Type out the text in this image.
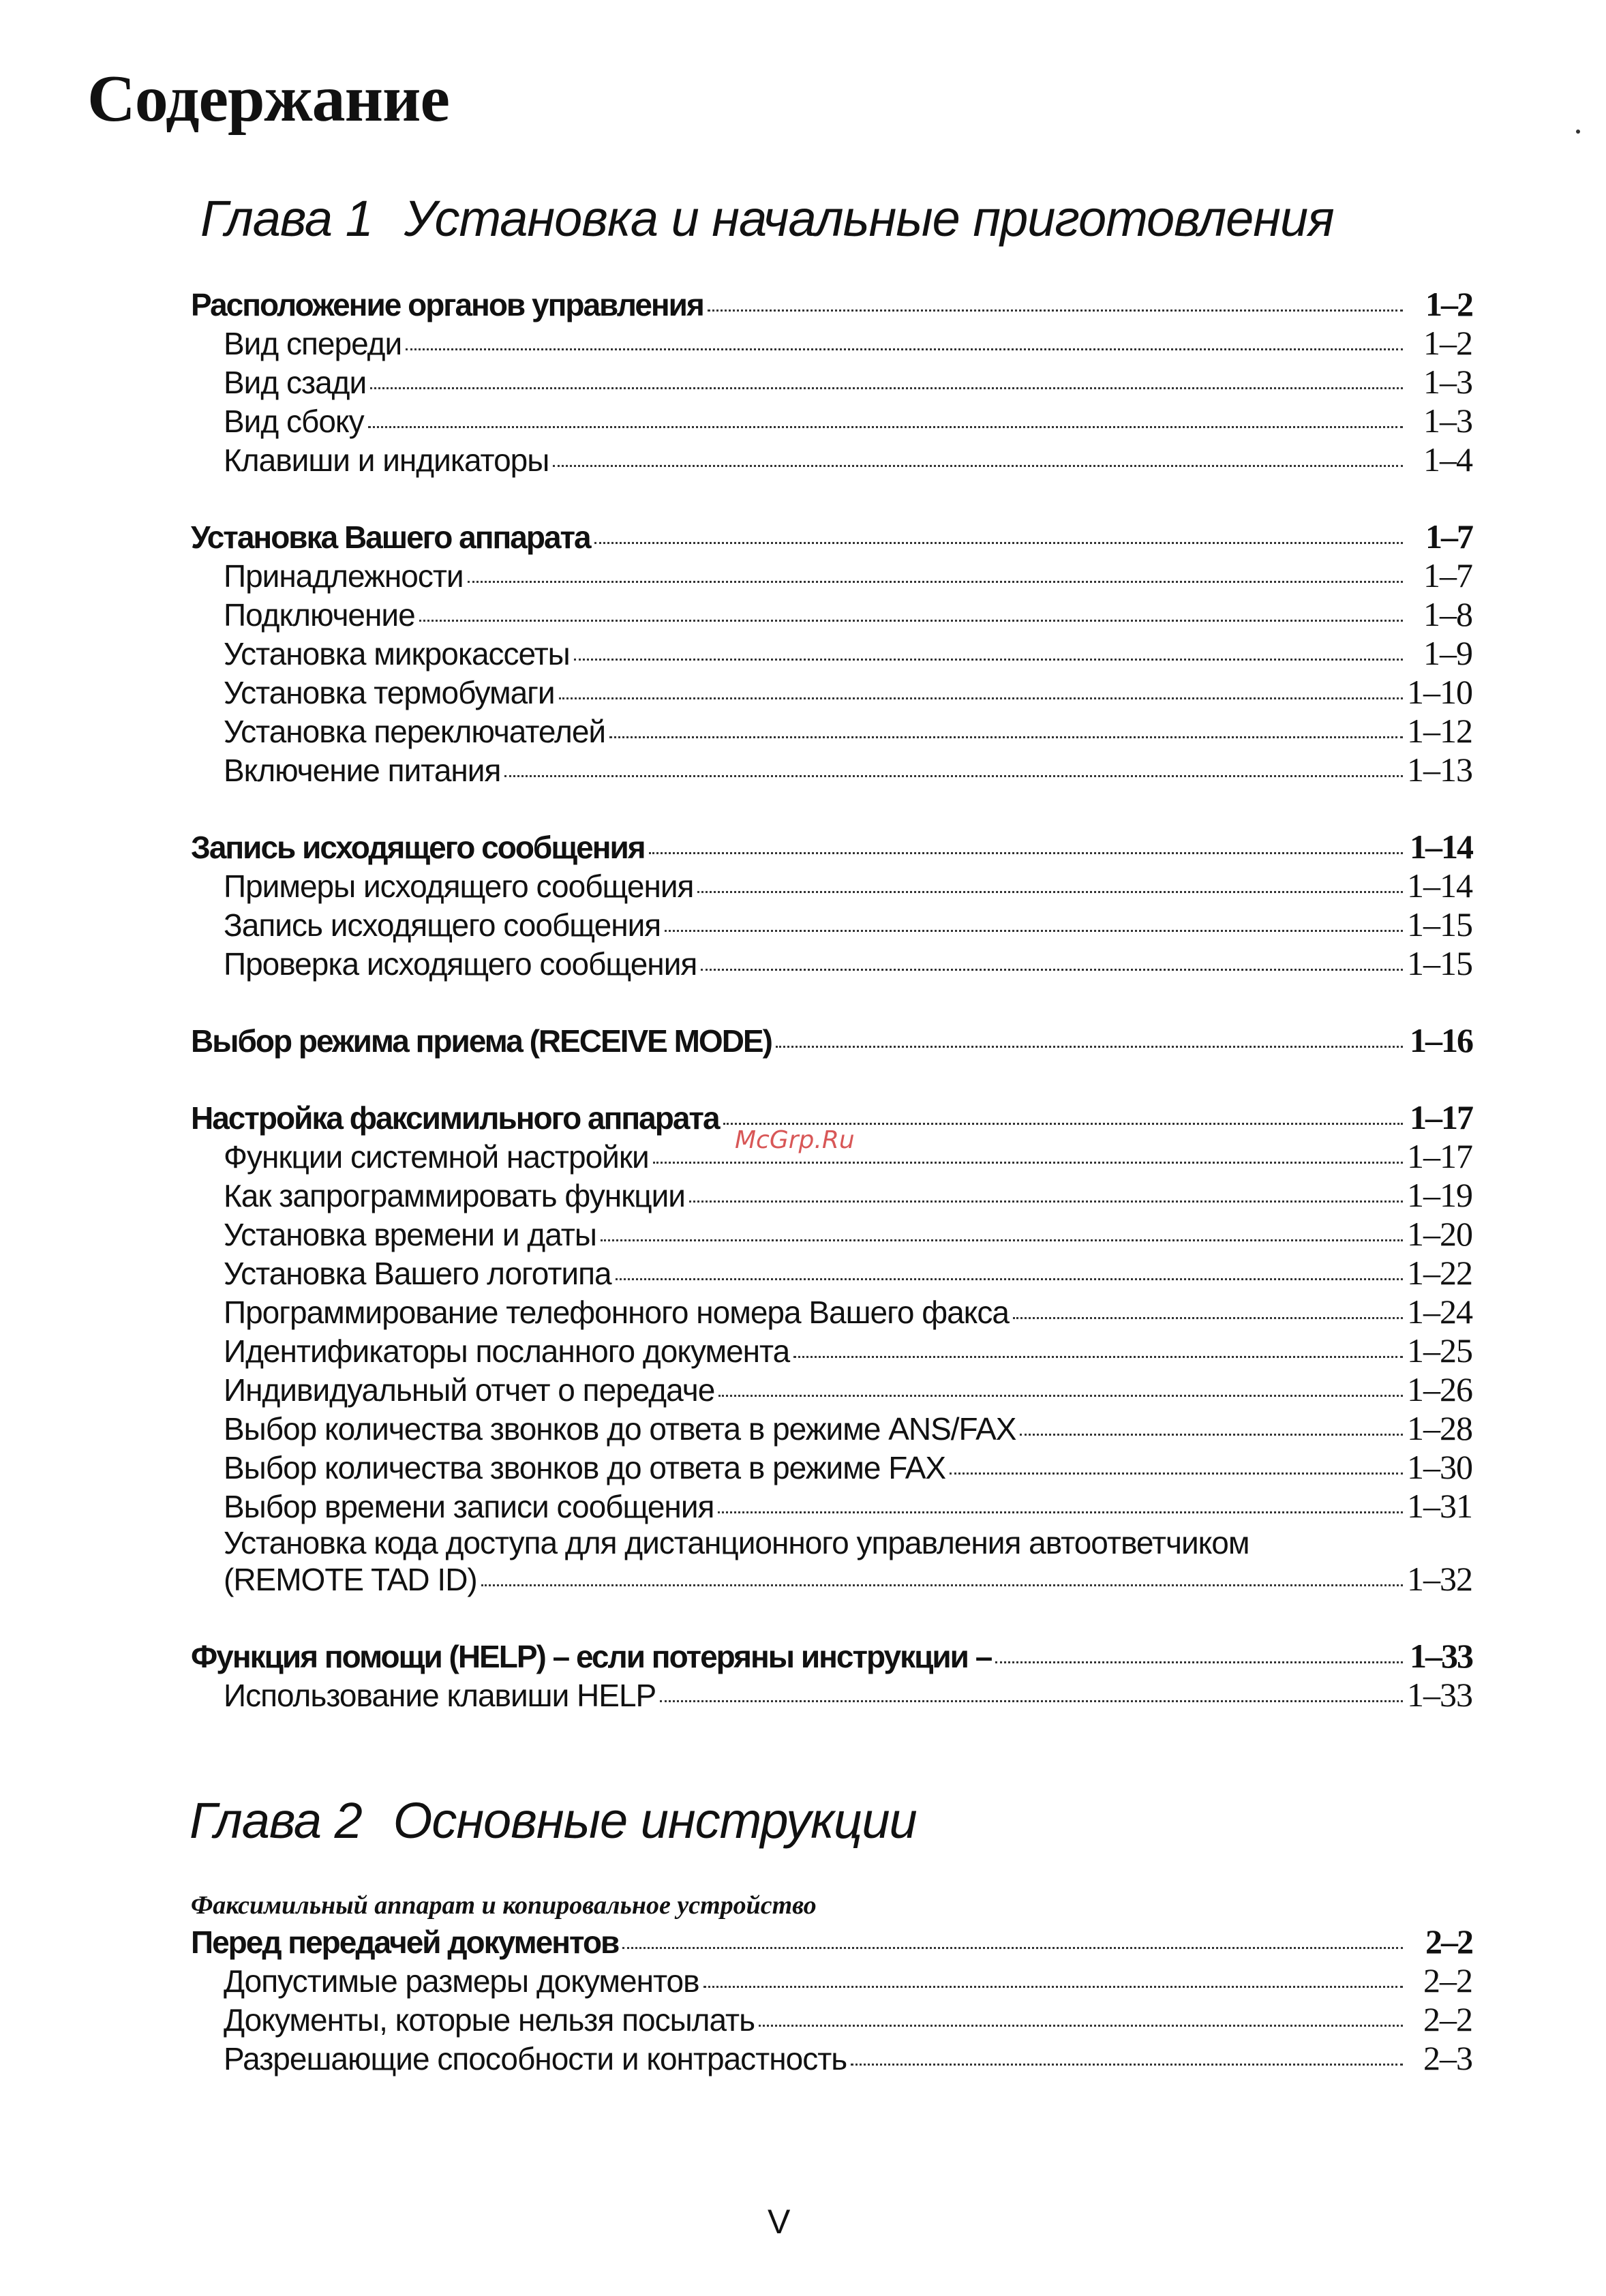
Содержание
Глава 1 Установка и начальные приготовления
Расположение органов управления	1–2
Вид спереди	1–2
Вид сзади	1–3
Вид сбоку	1–3
Клавиши и индикаторы	1–4
Установка Вашего аппарата	1–7
Принадлежности	1–7
Подключение	1–8
Установка микрокассеты	1–9
Установка термобумаги	1–10
Установка переключателей	1–12
Включение питания	1–13
Запись исходящего сообщения	1–14
Примеры исходящего сообщения	1–14
Запись исходящего сообщения	1–15
Проверка исходящего сообщения	1–15
Выбор режима приема (RECEIVE MODE)	1–16
Настройка факсимильного аппарата	1–17
Функции системной настройки	1–17
Как запрограммировать функции	1–19
Установка времени и даты	1–20
Установка Вашего логотипа	1–22
Программирование телефонного номера Вашего факса	1–24
Идентификаторы посланного документа	1–25
Индивидуальный отчет о передаче	1–26
Выбор количества звонков до ответа в режиме ANS/FAX	1–28
Выбор количества звонков до ответа в режиме FAX	1–30
Выбор времени записи сообщения	1–31
Установка кода доступа для дистанционного управления автоответчиком
(REMOTE TAD ID)	1–32
Функция помощи (HELP) – если потеряны инструкции –	1–33
Использование клавиши HELP	1–33
Глава 2 Основные инструкции
Факсимильный аппарат и копировальное устройство
Перед передачей документов	2–2
Допустимые размеры документов	2–2
Документы, которые нельзя посылать	2–2
Разрешающие способности и контрастность	2–3
McGrp.Ru
V
